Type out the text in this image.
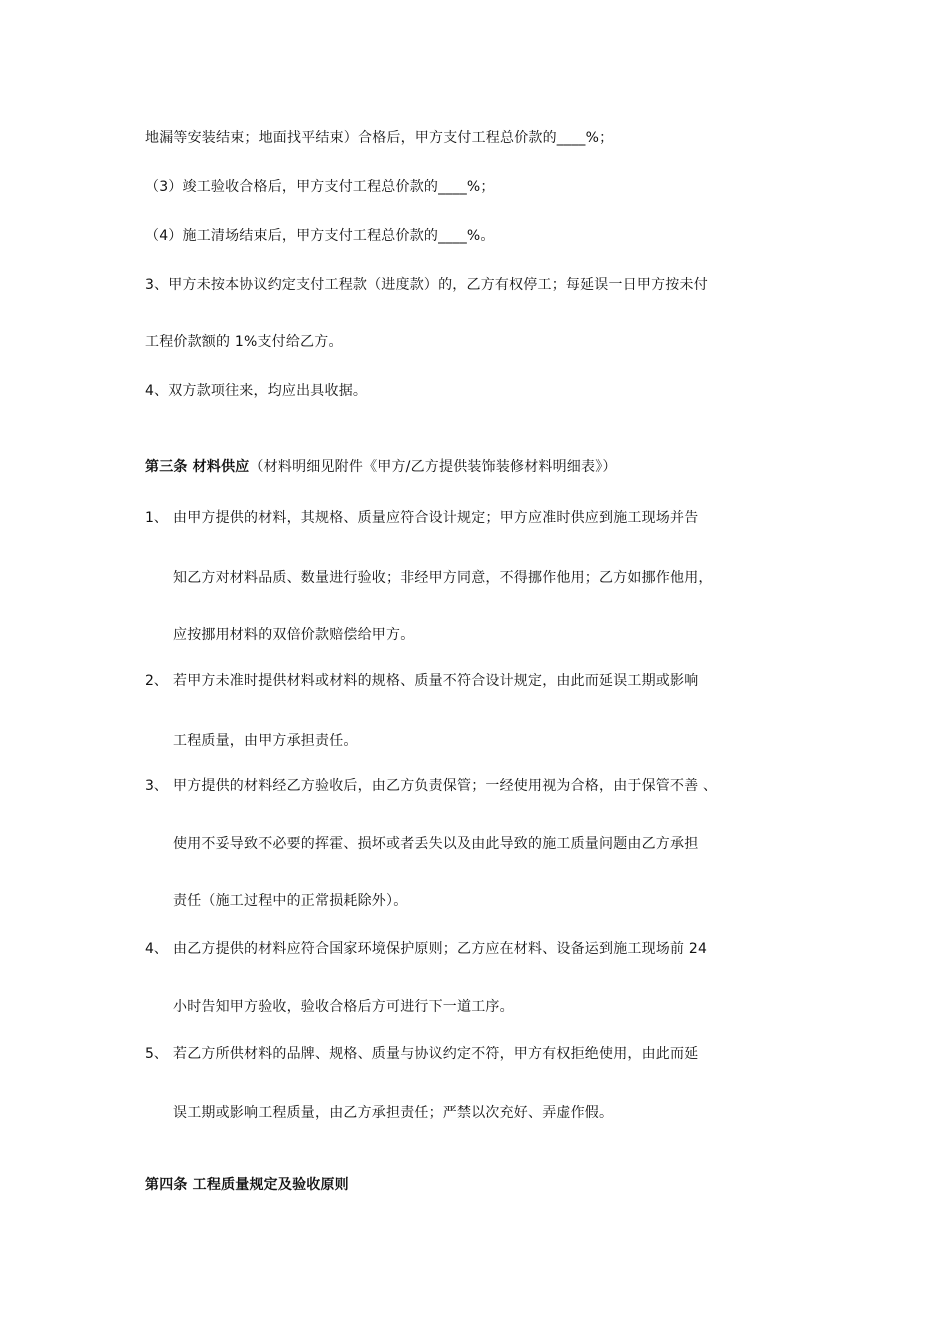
地漏等安装结束；地面找平结束）合格后，甲方支付工程总价款的____%；
（3）竣工验收合格后，甲方支付工程总价款的____%；
（4）施工清场结束后，甲方支付工程总价款的____%。
3、甲方未按本协议约定支付工程款（进度款）的，乙方有权停工；每延误一日甲方按未付
工程价款额的 1%支付给乙方。
4、双方款项往来，均应出具收据。
第三条 材料供应（材料明细见附件《甲方/乙方提供装饰装修材料明细表》）
1、 由甲方提供的材料，其规格、质量应符合设计规定；甲方应准时供应到施工现场并告
知乙方对材料品质、数量进行验收；非经甲方同意，不得挪作他用；乙方如挪作他用，
应按挪用材料的双倍价款赔偿给甲方。
2、 若甲方未准时提供材料或材料的规格、质量不符合设计规定，由此而延误工期或影响
工程质量，由甲方承担责任。
3、 甲方提供的材料经乙方验收后，由乙方负责保管；一经使用视为合格，由于保管不善 、
使用不妥导致不必要的挥霍、损坏或者丢失以及由此导致的施工质量问题由乙方承担
责任（施工过程中的正常损耗除外）。
4、 由乙方提供的材料应符合国家环境保护原则；乙方应在材料、设备运到施工现场前 24
小时告知甲方验收，验收合格后方可进行下一道工序。
5、 若乙方所供材料的品牌、规格、质量与协议约定不符，甲方有权拒绝使用，由此而延
误工期或影响工程质量，由乙方承担责任；严禁以次充好、弄虚作假。
第四条 工程质量规定及验收原则
